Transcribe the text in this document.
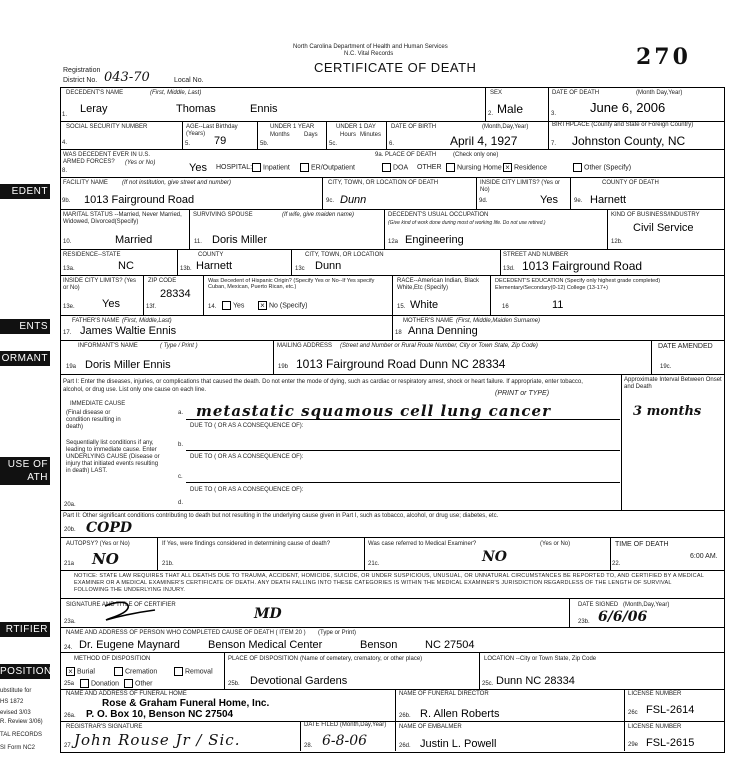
North Carolina Department of Health and Human Services
N.C. Vital Records
CERTIFICATE OF DEATH	270
Registration
District No. 043-70	Local No.
EDENT
ENTS
ORMANT
USE OF
ATH
RTIFIER
POSITION
ubstitute for
HS 1872
evised 3/03
R. Review 3/06)
TAL RECORDS
SI Form NC2
DECEDENT'S NAME	(First, Middle, Last)
1. Leray	Thomas	Ennis
SEX
2. Male
DATE OF DEATH	(Month Day,Year)
3.	June 6, 2006
SOCIAL SECURITY NUMBER
4.
AGE--Last Birthday (Years)
5. 79
UNDER 1 YEAR
Months Days
5b.
UNDER 1 DAY
Hours Minutes
5c.
DATE OF BIRTH	(Month,Day,Year)
6.	April 4, 1927
BIRTHPLACE (County and State or Foreign Country)
7. Johnston County, NC
WAS DECEDENT EVER IN U.S. ARMED FORCES?	(Yes or No)
8.	Yes
9a. PLACE OF DEATH	(Check only one)
HOSPITAL:	Inpatient	ER/Outpatient	DOA OTHER	Nursing Home × Residence	Other (Specify)
FACILITY NAME (If not institution, give street and number)
9b. 1013 Fairground Road
CITY, TOWN, OR LOCATION OF DEATH
9c. Dunn
INSIDE CITY LIMITS? (Yes or No)
9d.	Yes
COUNTY OF DEATH
9e. Harnett
MARITAL STATUS --Married, Never Married, Widowed, Divorced(Specify)
10.	Married
SURVIVING SPOUSE	(If wife, give maiden name)
11. Doris Miller
DECEDENT'S USUAL OCCUPATION
(Give kind of work done during most of working life. Do not use retired.)
12a Engineering
KIND OF BUSINESS/INDUSTRY
12b.
Civil Service
RESIDENCE--STATE
13a.	NC
COUNTY
13b. Harnett
CITY, TOWN, OR LOCATION
13c Dunn
STREET AND NUMBER
13d. 1013 Fairground Road
INSIDE CITY LIMITS? (Yes or No)
13e. Yes
ZIP CODE
13f.
28334
Was Decedent of Hispanic Origin? (Specify Yes or No--If Yes specify Cuban, Mexican, Puerto Rican, etc.)
14.	Yes × No (Specify)
RACE--American Indian, Black White,Etc (Specify)
15. White
DECEDENT'S EDUCATION (Specify only highest grade completed) Elementary/Secondary(0-12) College (13-17+)
16	11
FATHER'S NAME (First, Middle,Last)
17. James Waltie Ennis
MOTHER'S NAME (First, Middle,Maiden Surname)
18 Anna Denning
INFORMANT'S NAME	( Type / Print )
19a Doris Miller Ennis
MAILING ADDRESS (Street and Number or Rural Route Number, City or Town State, Zip Code)
19b 1013 Fairground Road Dunn NC 28334
DATE AMENDED
19c.
Part I: Enter the diseases, injuries, or complications that caused the death. Do not enter the mode of dying, such as cardiac or respiratory arrest, shock or heart failure. If appropriate, enter tobacco, alcohol, or drug use. List only one cause on each line.	(PRINT or TYPE)
Approximate Interval Between Onset and Death
IMMEDIATE CAUSE
(Final disease or condition resulting in death)
a. metastatic squamous cell lung cancer	3 months
DUE TO ( OR AS A CONSEQUENCE OF):
Sequentially list conditions if any, leading to immediate cause. Enter UNDERLYING CAUSE (Disease or injury that initiated events resulting in death) LAST.
b.
DUE TO ( OR AS A CONSEQUENCE OF):
c.
DUE TO ( OR AS A CONSEQUENCE OF):
d.
20a.
Part II: Other significant conditions contributing to death but not resulting in the underlying cause given in Part I, such as tobacco, alcohol, or drug use; diabetes, etc.
20b. COPD
AUTOPSY? (Yes or No)
21a NO
If Yes, were findings considered in determining cause of death?
21b.
Was case referred to Medical Examiner?	(Yes or No)
21c.	NO
TIME OF DEATH
22.
6:00 AM.
NOTICE: STATE LAW REQUIRES THAT ALL DEATHS DUE TO TRAUMA, ACCIDENT, HOMICIDE, SUICIDE, OR UNDER SUSPICIOUS, UNUSUAL, OR UNNATURAL CIRCUMSTANCES BE REPORTED TO, AND CERTIFIED BY A MEDICAL EXAMINER OR A MEDICAL EXAMINER'S CERTIFICATE OF DEATH. ANY DEATH FALLING INTO THESE CATEGORIES IS WITHIN THE MEDICAL EXAMINER'S JURISDICTION REGARDLESS OF THE LENGTH OF SURVIVAL FOLLOWING THE UNDERLYING INJURY.
SIGNATURE AND TITLE OF CERTIFIER
23a.	MD
DATE SIGNED (Month,Day,Year)
23b. 6/6/06
NAME AND ADDRESS OF PERSON WHO COMPLETED CAUSE OF DEATH ( ITEM 20 ) (Type or Print)
24. Dr. Eugene Maynard	Benson Medical Center	Benson	NC 27504
METHOD OF DISPOSITION
× Burial	Cremation	Removal
25a	Donation	Other
PLACE OF DISPOSITION (Name of cemetery, crematory, or other place)
25b. Devotional Gardens
LOCATION --City or Town State, Zip Code
25c. Dunn NC 28334
NAME AND ADDRESS OF FUNERAL HOME
Rose & Graham Funeral Home, Inc.
26a. P. O. Box 10, Benson NC 27504
NAME OF FUNERAL DIRECTOR
26b. R. Allen Roberts
LICENSE NUMBER
26c FSL-2614
REGISTRAR'S SIGNATURE
27 John Rouse Jr / Sic.
DATE FILED (Month,Day,Year)
28. 6-8-06
NAME OF EMBALMER
26d. Justin L. Powell
LICENSE NUMBER
29e FSL-2615
